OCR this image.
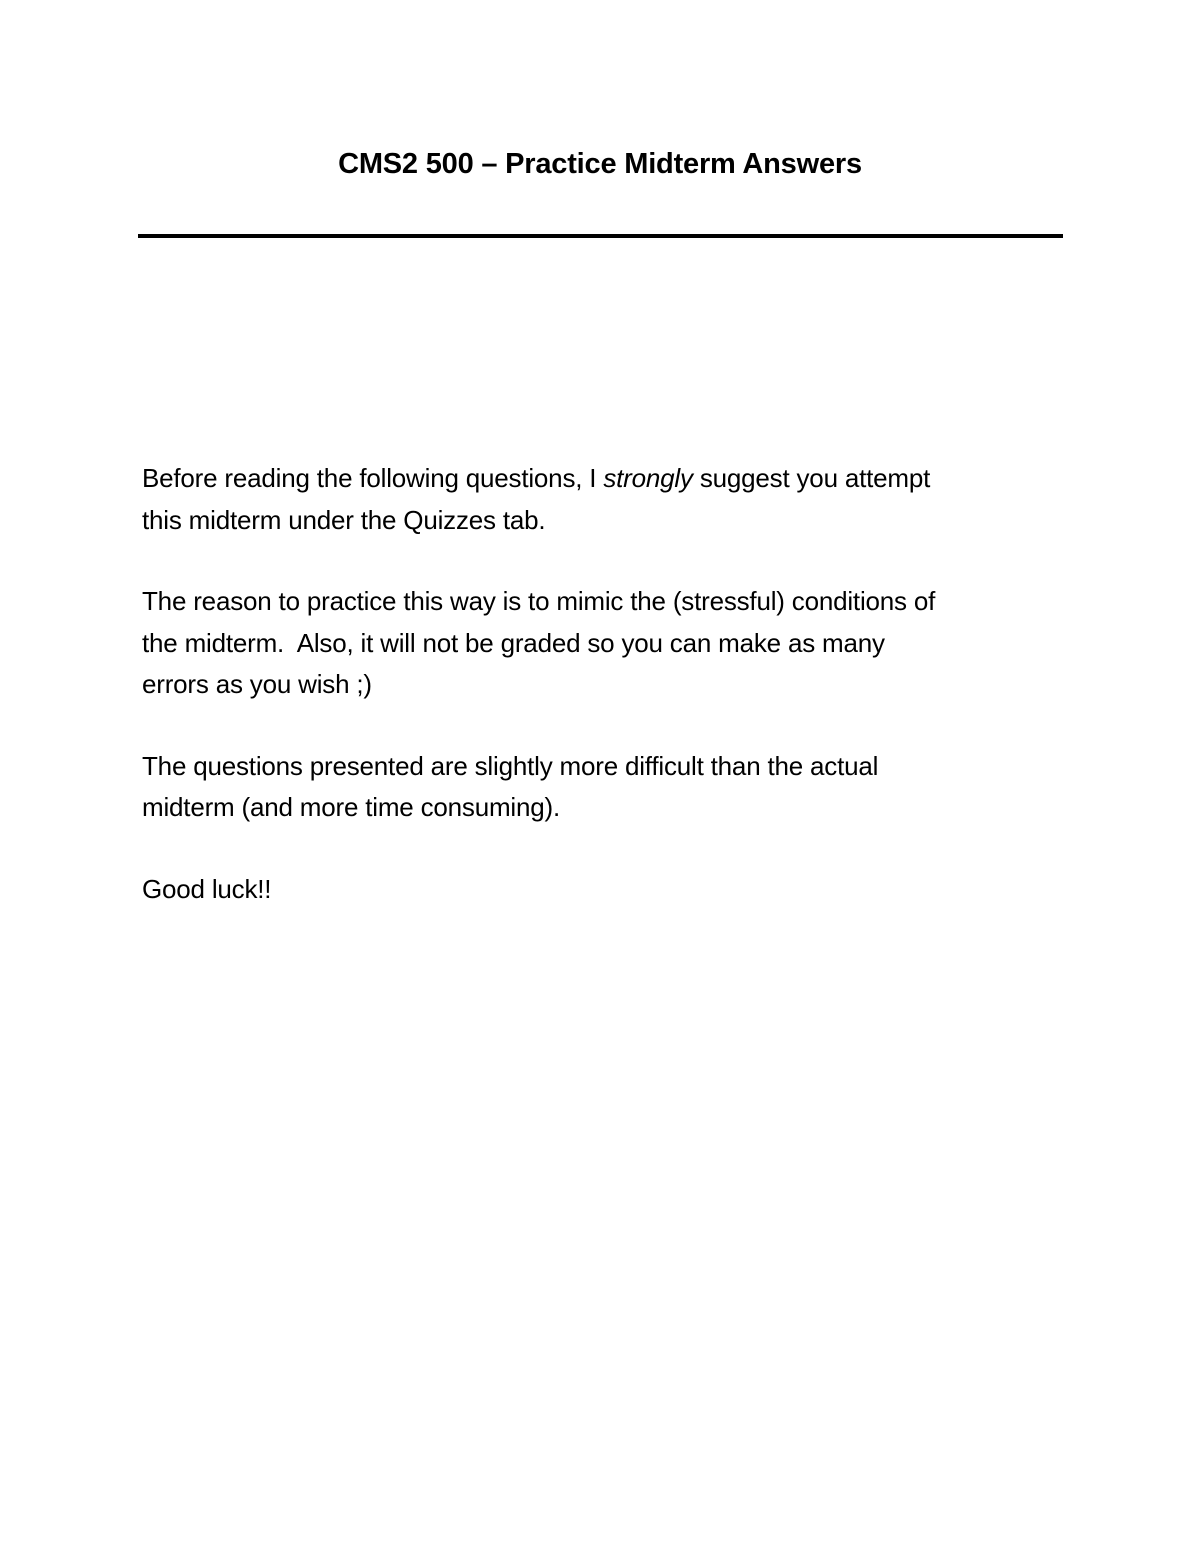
CMS2 500 – Practice Midterm Answers

Before reading the following questions, I strongly suggest you attempt
this midterm under the Quizzes tab.

The reason to practice this way is to mimic the (stressful) conditions of
the midterm.  Also, it will not be graded so you can make as many
errors as you wish ;)

The questions presented are slightly more difficult than the actual
midterm (and more time consuming).

Good luck!!
